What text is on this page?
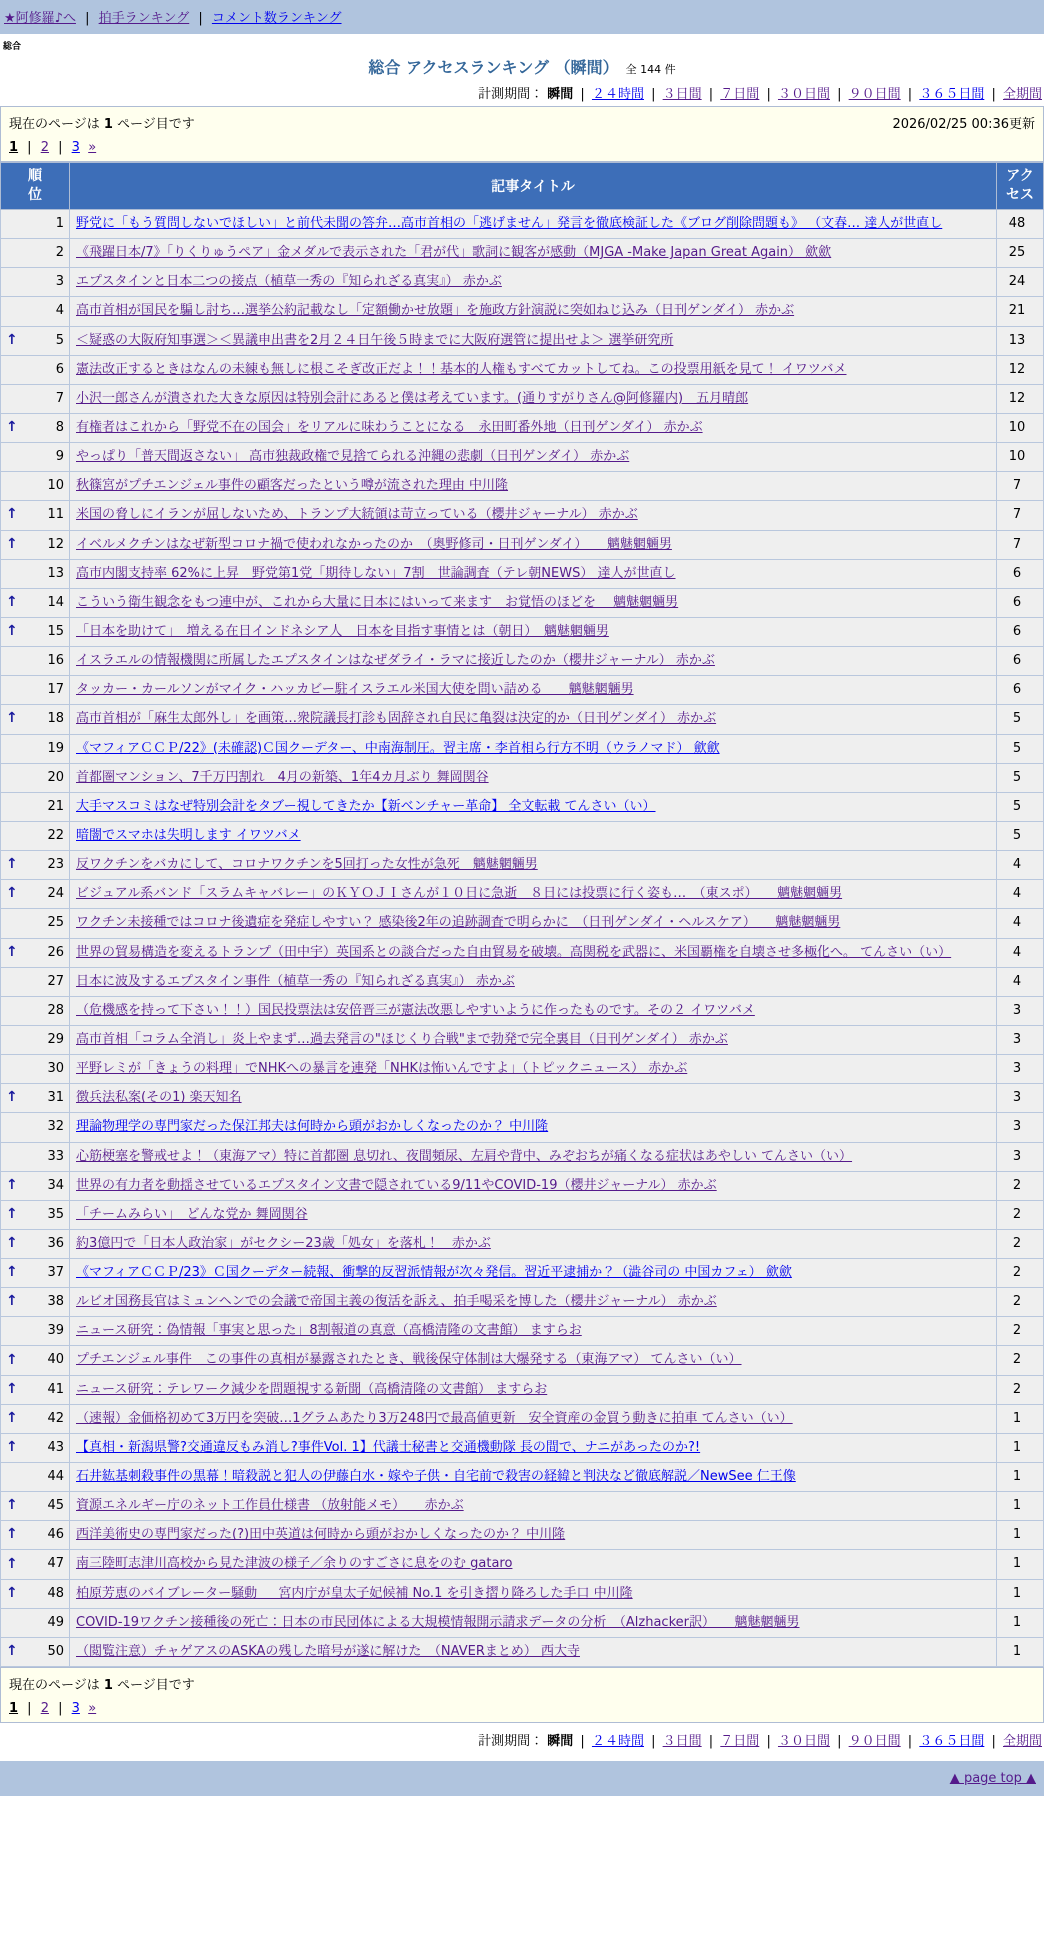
★阿修羅♪へ | 拍手ランキング | コメント数ランキング
総合
総合 アクセスランキング （瞬間） 全 144 件
計測期間： 瞬間 | ２４時間 | ３日間 | ７日間 | ３０日間 | ９０日間 | ３６５日間 | 全期間
現在のページは 1 ページ目です	2026/02/25 00:36更新
1 | 2 | 3 »
順位	記事タイトル	アクセス
1	野党に「もう質問しないでほしい」と前代未聞の答弁…高市首相の「逃げません」発言を徹底検証した《ブログ削除問題も》 （文春… 達人が世直し	48
2	《飛躍日本/7》「りくりゅうペア」金メダルで表示された「君が代」歌詞に観客が感動（MJGA -Make Japan Great Again） 歛歛	25
3	エプスタインと日本二つの接点（植草一秀の『知られざる真実』） 赤かぶ	24
4	高市首相が国民を騙し討ち…選挙公約記載なし「定額働かせ放題」を施政方針演説に突如ねじ込み（日刊ゲンダイ） 赤かぶ	21

↑ 5	＜疑惑の大阪府知事選＞＜異議申出書を2月２４日午後５時までに大阪府選管に提出せよ＞ 選挙研究所	13
6	憲法改正するときはなんの未練も無しに根こそぎ改正だよ！！基本的人権もすべてカットしてね。この投票用紙を見て！ イワツバメ	12
7	小沢一郎さんが潰された大きな原因は特別会計にあると僕は考えています。(通りすがりさん@阿修羅内)　五月晴郎	12

↑ 8	有権者はこれから「野党不在の国会」をリアルに味わうことになる　永田町番外地（日刊ゲンダイ） 赤かぶ	10
9	やっぱり「普天間返さない」 高市独裁政権で見捨てられる沖縄の悲劇（日刊ゲンダイ） 赤かぶ	10
10	秋篠宮がプチエンジェル事件の顧客だったという噂が流された理由 中川隆	7

↑ 11	米国の脅しにイランが屈しないため、トランプ大統領は苛立っている（櫻井ジャーナル） 赤かぶ	7

↑ 12	イベルメクチンはなぜ新型コロナ禍で使われなかったのか　（奥野修司・日刊ゲンダイ）　　魑魅魍魎男	7
13	高市内閣支持率 62%に上昇　野党第1党「期待しない」7割　世論調査（テレ朝NEWS） 達人が世直し	6

↑ 14	こういう衛生観念をもつ連中が、これから大量に日本にはいって来ます　お覚悟のほどを　 魑魅魍魎男	6

↑ 15	「日本を助けて」　増える在日インドネシア人　日本を目指す事情とは（朝日）　魑魅魍魎男	6
16	イスラエルの情報機関に所属したエプスタインはなぜダライ・ラマに接近したのか（櫻井ジャーナル） 赤かぶ	6
17	タッカー・カールソンがマイク・ハッカビー駐イスラエル米国大使を問い詰める　　魑魅魍魎男	6

↑ 18	高市首相が「麻生太郎外し」を画策…衆院議長打診も固辞され自民に亀裂は決定的か（日刊ゲンダイ） 赤かぶ	5
19	《マフィアＣＣＰ/22》(未確認)Ｃ国クーデター、中南海制圧。習主席・李首相ら行方不明（ウラノマド） 歛歛	5
20	首都圏マンション、7千万円割れ　4月の新築、1年4カ月ぶり 舞岡関谷	5
21	大手マスコミはなぜ特別会計をタブー視してきたか【新ベンチャー革命】 全文転載 てんさい（い）	5
22	暗闇でスマホは失明します イワツバメ	5

↑ 23	反ワクチンをバカにして、コロナワクチンを5回打った女性が急死　魑魅魍魎男	4

↑ 24	ビジュアル系バンド「スラムキャバレー」のＫＹＯＪＩさんが１０日に急逝　８日には投票に行く姿も…　（東スポ）　　魑魅魍魎男	4
25	ワクチン未接種ではコロナ後遺症を発症しやすい？ 感染後2年の追跡調査で明らかに　（日刊ゲンダイ・ヘルスケア）　　魑魅魍魎男	4

↑ 26	世界の貿易構造を変えるトランプ（田中宇）英国系との談合だった自由貿易を破壊。高関税を武器に、米国覇権を自壊させ多極化へ。 てんさい（い）	4
27	日本に波及するエプスタイン事件（植草一秀の『知られざる真実』） 赤かぶ	4
28	（危機感を持って下さい！！）国民投票法は安倍晋三が憲法改悪しやすいように作ったものです。その２ イワツバメ	3
29	高市首相「コラム全消し」炎上やまず…過去発言の"ほじくり合戦"まで勃発で完全裏目（日刊ゲンダイ） 赤かぶ	3
30	平野レミが「きょうの料理」でNHKへの暴言を連発「NHKは怖いんですよ」（トピックニュース） 赤かぶ	3

↑ 31	徴兵法私案(その1) 楽天知名	3
32	理論物理学の専門家だった保江邦夫は何時から頭がおかしくなったのか？ 中川隆	3
33	心筋梗塞を警戒せよ！（東海アマ）特に首都圏 息切れ、夜間頻尿、左肩や背中、みぞおちが痛くなる症状はあやしい てんさい（い）	3

↑ 34	世界の有力者を動揺させているエプスタイン文書で隠されている9/11やCOVID-19（櫻井ジャーナル） 赤かぶ	2

↑ 35	「チームみらい」　どんな党か 舞岡関谷	2

↑ 36	約3億円で「日本人政治家」がセクシー23歳「処女」を落札！　赤かぶ	2

↑ 37	《マフィアＣＣＰ/23》Ｃ国クーデター続報、衝撃的反習派情報が次々発信。習近平逮捕か？（澁谷司の 中国カフェ） 歛歛	2

↑ 38	ルビオ国務長官はミュンヘンでの会議で帝国主義の復活を訴え、拍手喝采を博した（櫻井ジャーナル） 赤かぶ	2
39	ニュース研究：偽情報「事実と思った」8割報道の真意（高橋清隆の文書館） ますらお	2

↑ 40	プチエンジェル事件　この事件の真相が暴露されたとき、戦後保守体制は大爆発する（東海アマ） てんさい（い）	2

↑ 41	ニュース研究：テレワーク減少を問題視する新聞（高橋清隆の文書館） ますらお	2

↑ 42	（速報）金価格初めて3万円を突破…1グラムあたり3万248円で最高値更新　安全資産の金買う動きに拍車 てんさい（い）	1

↑ 43	【真相・新潟県警?交通違反もみ消し?事件Vol. 1】代議士秘書と交通機動隊 長の間で、ナニがあったのか?!	1
44	石井紘基刺殺事件の黒幕！暗殺説と犯人の伊藤白水・嫁や子供・自宅前で殺害の経緯と判決など徹底解説／NewSee 仁王像	1

↑ 45	資源エネルギー庁のネット工作員仕様書 （放射能メモ）　　赤かぶ	1

↑ 46	西洋美術史の専門家だった(?)田中英道は何時から頭がおかしくなったのか？ 中川隆	1

↑ 47	南三陸町志津川高校から見た津波の様子／余りのすごさに息をのむ gataro	1

↑ 48	柏原芳恵のバイブレーター騒動 ＿ 宮内庁が皇太子妃候補 No.1 を引き摺り降ろした手口 中川隆	1
49	COVID-19ワクチン接種後の死亡：日本の市民団体による大規模情報開示請求データの分析　（Alzhacker訳）　　魑魅魍魎男	1

↑ 50	（閲覧注意）チャゲアスのASKAの残した暗号が遂に解けた　（NAVERまとめ） 西大寺	1
現在のページは 1 ページ目です
1 | 2 | 3 »
計測期間： 瞬間 | ２４時間 | ３日間 | ７日間 | ３０日間 | ９０日間 | ３６５日間 | 全期間
▲ page top ▲
